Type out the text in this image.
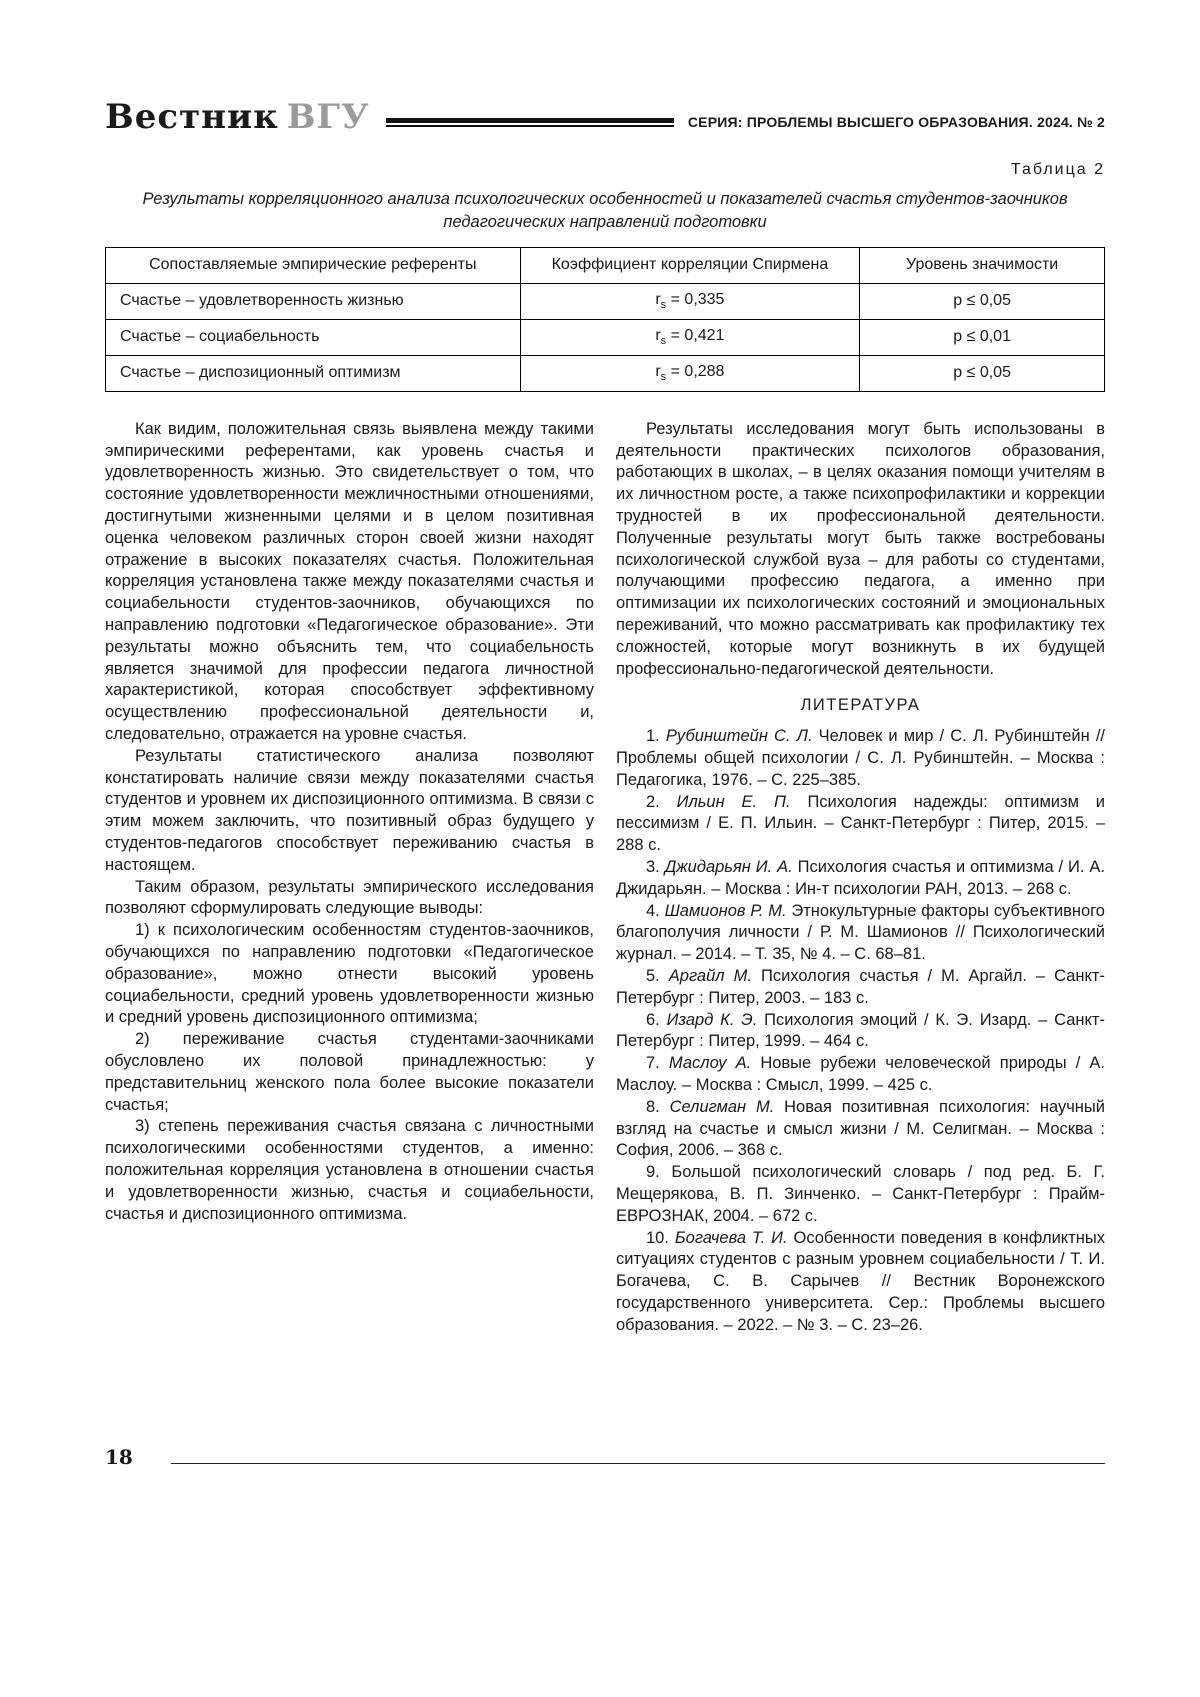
Вестник ВГУ	СЕРИЯ: ПРОБЛЕМЫ ВЫСШЕГО ОБРАЗОВАНИЯ. 2024. № 2
Таблица 2
Результаты корреляционного анализа психологических особенностей и показателей счастья студентов-заочников педагогических направлений подготовки
Сопоставляемые эмпирические референты	Коэффициент корреляции Спирмена	Уровень значимости
Счастье – удовлетворенность жизнью	$r_s = 0,335$	p ≤ 0,05
Счастье – социабельность	$r_s = 0,421$	p ≤ 0,01
Счастье – диспозиционный оптимизм	$r_s = 0,288$	p ≤ 0,05

Как видим, положительная связь выявлена между такими эмпирическими референтами, как уровень счастья и удовлетворенность жизнью. Это свидетельствует о том, что состояние удовлетворенности межличностными отношениями, достигнутыми жизненными целями и в целом позитивная оценка человеком различных сторон своей жизни находят отражение в высоких показателях счастья. Положительная корреляция установлена также между показателями счастья и социабельности студентов-заочников, обучающихся по направлению подготовки «Педагогическое образование». Эти результаты можно объяснить тем, что социабельность является значимой для профессии педагога личностной характеристикой, которая способствует эффективному осуществлению профессиональной деятельности и, следовательно, отражается на уровне счастья.

Результаты статистического анализа позволяют констатировать наличие связи между показателями счастья студентов и уровнем их диспозиционного оптимизма. В связи с этим можем заключить, что позитивный образ будущего у студентов-педагогов способствует переживанию счастья в настоящем.

Таким образом, результаты эмпирического исследования позволяют сформулировать следующие выводы:

1) к психологическим особенностям студентов-заочников, обучающихся по направлению подготовки «Педагогическое образование», можно отнести высокий уровень социабельности, средний уровень удовлетворенности жизнью и средний уровень диспозиционного оптимизма;

2) переживание счастья студентами-заочниками обусловлено их половой принадлежностью: у представительниц женского пола более высокие показатели счастья;

3) степень переживания счастья связана с личностными психологическими особенностями студентов, а именно: положительная корреляция установлена в отношении счастья и удовлетворенности жизнью, счастья и социабельности, счастья и диспозиционного оптимизма.

Результаты исследования могут быть использованы в деятельности практических психологов образования, работающих в школах, – в целях оказания помощи учителям в их личностном росте, а также психопрофилактики и коррекции трудностей в их профессиональной деятельности. Полученные результаты могут быть также востребованы психологической службой вуза – для работы со студентами, получающими профессию педагога, а именно при оптимизации их психологических состояний и эмоциональных переживаний, что можно рассматривать как профилактику тех сложностей, которые могут возникнуть в их будущей профессионально-педагогической деятельности.

ЛИТЕРАТУРА

1. Рубинштейн С. Л. Человек и мир / С. Л. Рубинштейн // Проблемы общей психологии / С. Л. Рубинштейн. – Москва : Педагогика, 1976. – С. 225–385.

2. Ильин Е. П. Психология надежды: оптимизм и пессимизм / Е. П. Ильин. – Санкт-Петербург : Питер, 2015. – 288 с.

3. Джидарьян И. А. Психология счастья и оптимизма / И. А. Джидарьян. – Москва : Ин-т психологии РАН, 2013. – 268 с.

4. Шамионов Р. М. Этнокультурные факторы субъективного благополучия личности / Р. М. Шамионов // Психологический журнал. – 2014. – Т. 35, № 4. – С. 68–81.

5. Аргайл М. Психология счастья / М. Аргайл. – Санкт-Петербург : Питер, 2003. – 183 с.

6. Изард К. Э. Психология эмоций / К. Э. Изард. – Санкт-Петербург : Питер, 1999. – 464 с.

7. Маслоу А. Новые рубежи человеческой природы / А. Маслоу. – Москва : Смысл, 1999. – 425 с.

8. Селигман М. Новая позитивная психология: научный взгляд на счастье и смысл жизни / М. Селигман. – Москва : София, 2006. – 368 с.

9. Большой психологический словарь / под ред. Б. Г. Мещерякова, В. П. Зинченко. – Санкт-Петербург : Прайм-ЕВРОЗНАК, 2004. – 672 с.

10. Богачева Т. И. Особенности поведения в конфликтных ситуациях студентов с разным уровнем социабельности / Т. И. Богачева, С. В. Сарычев // Вестник Воронежского государственного университета. Сер.: Проблемы высшего образования. – 2022. – № 3. – С. 23–26.

18
